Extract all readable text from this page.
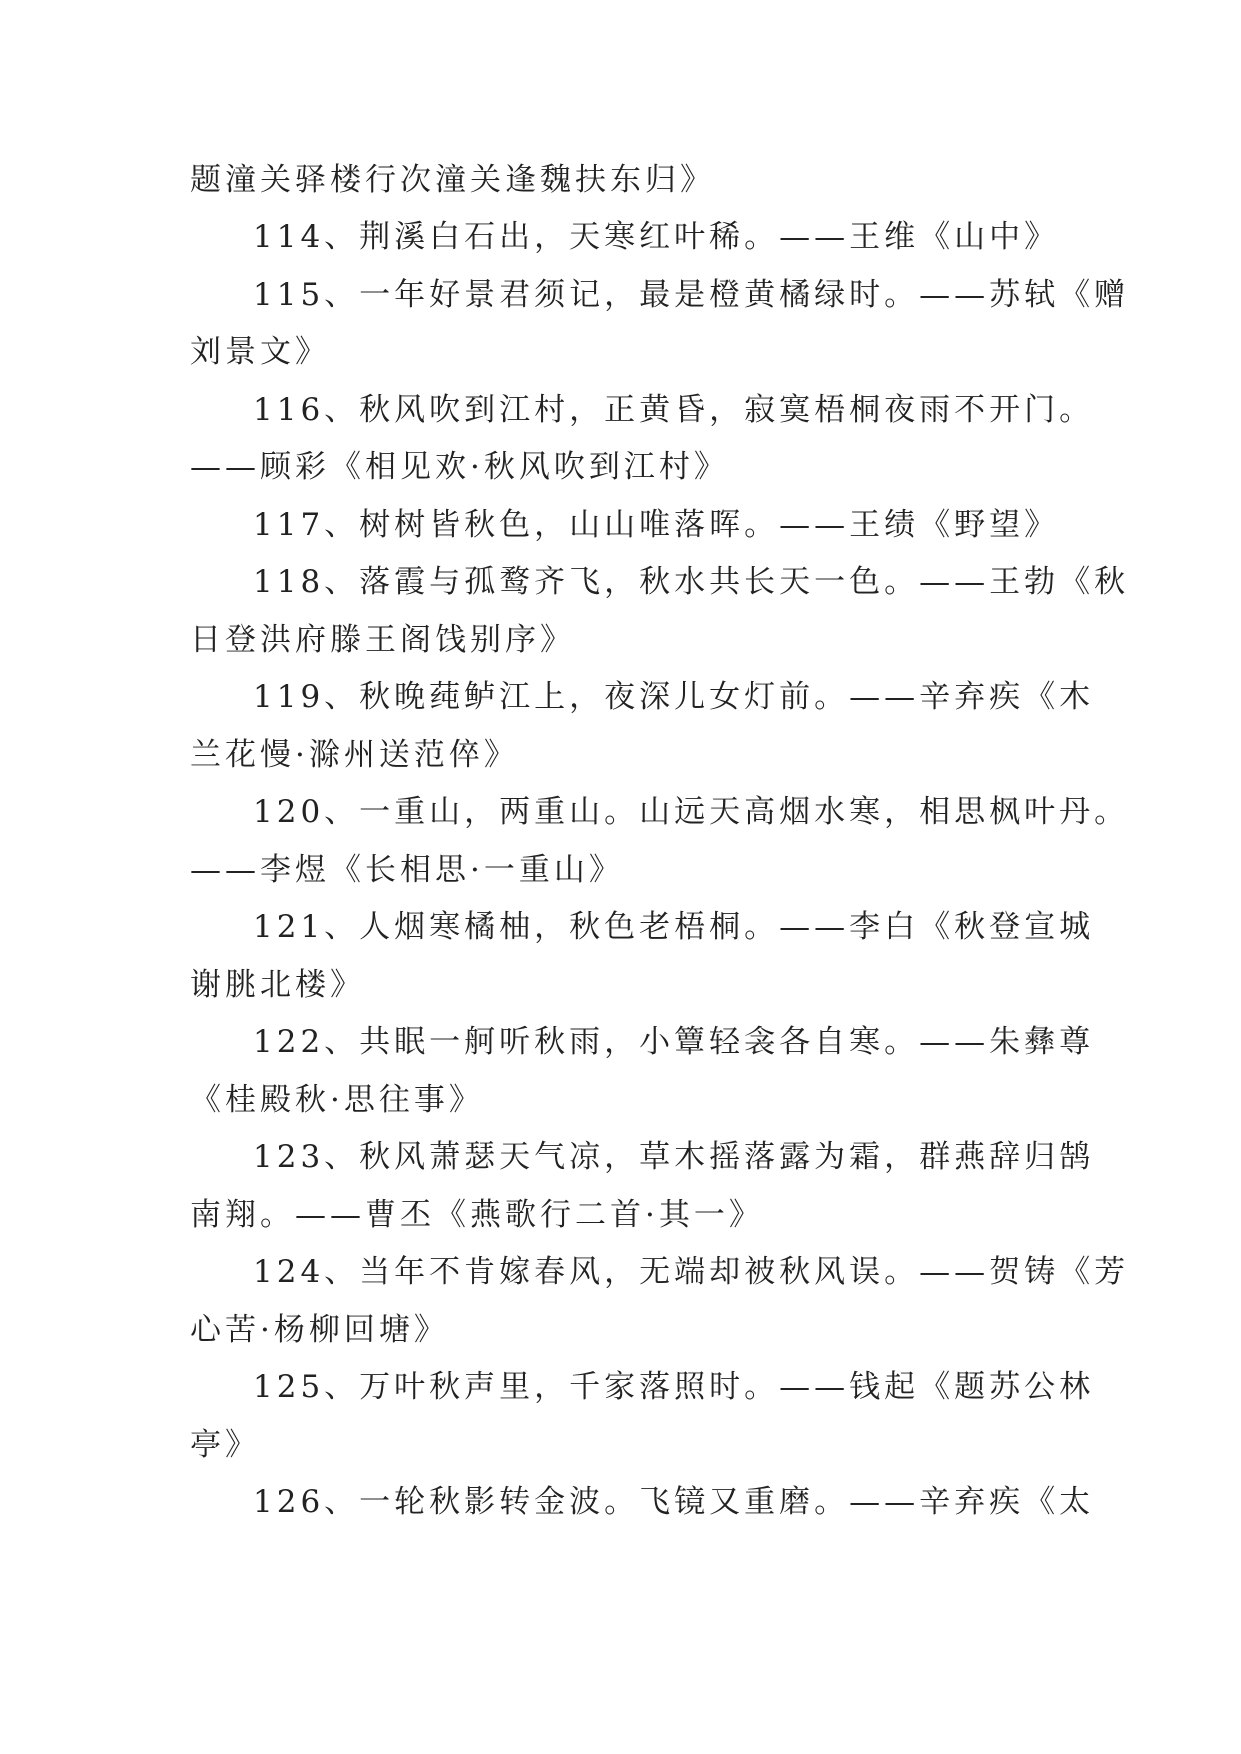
题潼关驿楼行次潼关逢魏扶东归》
114、荆溪白石出，天寒红叶稀。——王维《山中》
115、一年好景君须记，最是橙黄橘绿时。——苏轼《赠
刘景文》
116、秋风吹到江村，正黄昏，寂寞梧桐夜雨不开门。
——顾彩《相见欢·秋风吹到江村》
117、树树皆秋色，山山唯落晖。——王绩《野望》
118、落霞与孤鹜齐飞，秋水共长天一色。——王勃《秋
日登洪府滕王阁饯别序》
119、秋晚莼鲈江上，夜深儿女灯前。——辛弃疾《木
兰花慢·滁州送范倅》
120、一重山，两重山。山远天高烟水寒，相思枫叶丹。
——李煜《长相思·一重山》
121、人烟寒橘柚，秋色老梧桐。——李白《秋登宣城
谢朓北楼》
122、共眠一舸听秋雨，小簟轻衾各自寒。——朱彝尊
《桂殿秋·思往事》
123、秋风萧瑟天气凉，草木摇落露为霜，群燕辞归鹄
南翔。——曹丕《燕歌行二首·其一》
124、当年不肯嫁春风，无端却被秋风误。——贺铸《芳
心苦·杨柳回塘》
125、万叶秋声里，千家落照时。——钱起《题苏公林
亭》
126、一轮秋影转金波。飞镜又重磨。——辛弃疾《太
